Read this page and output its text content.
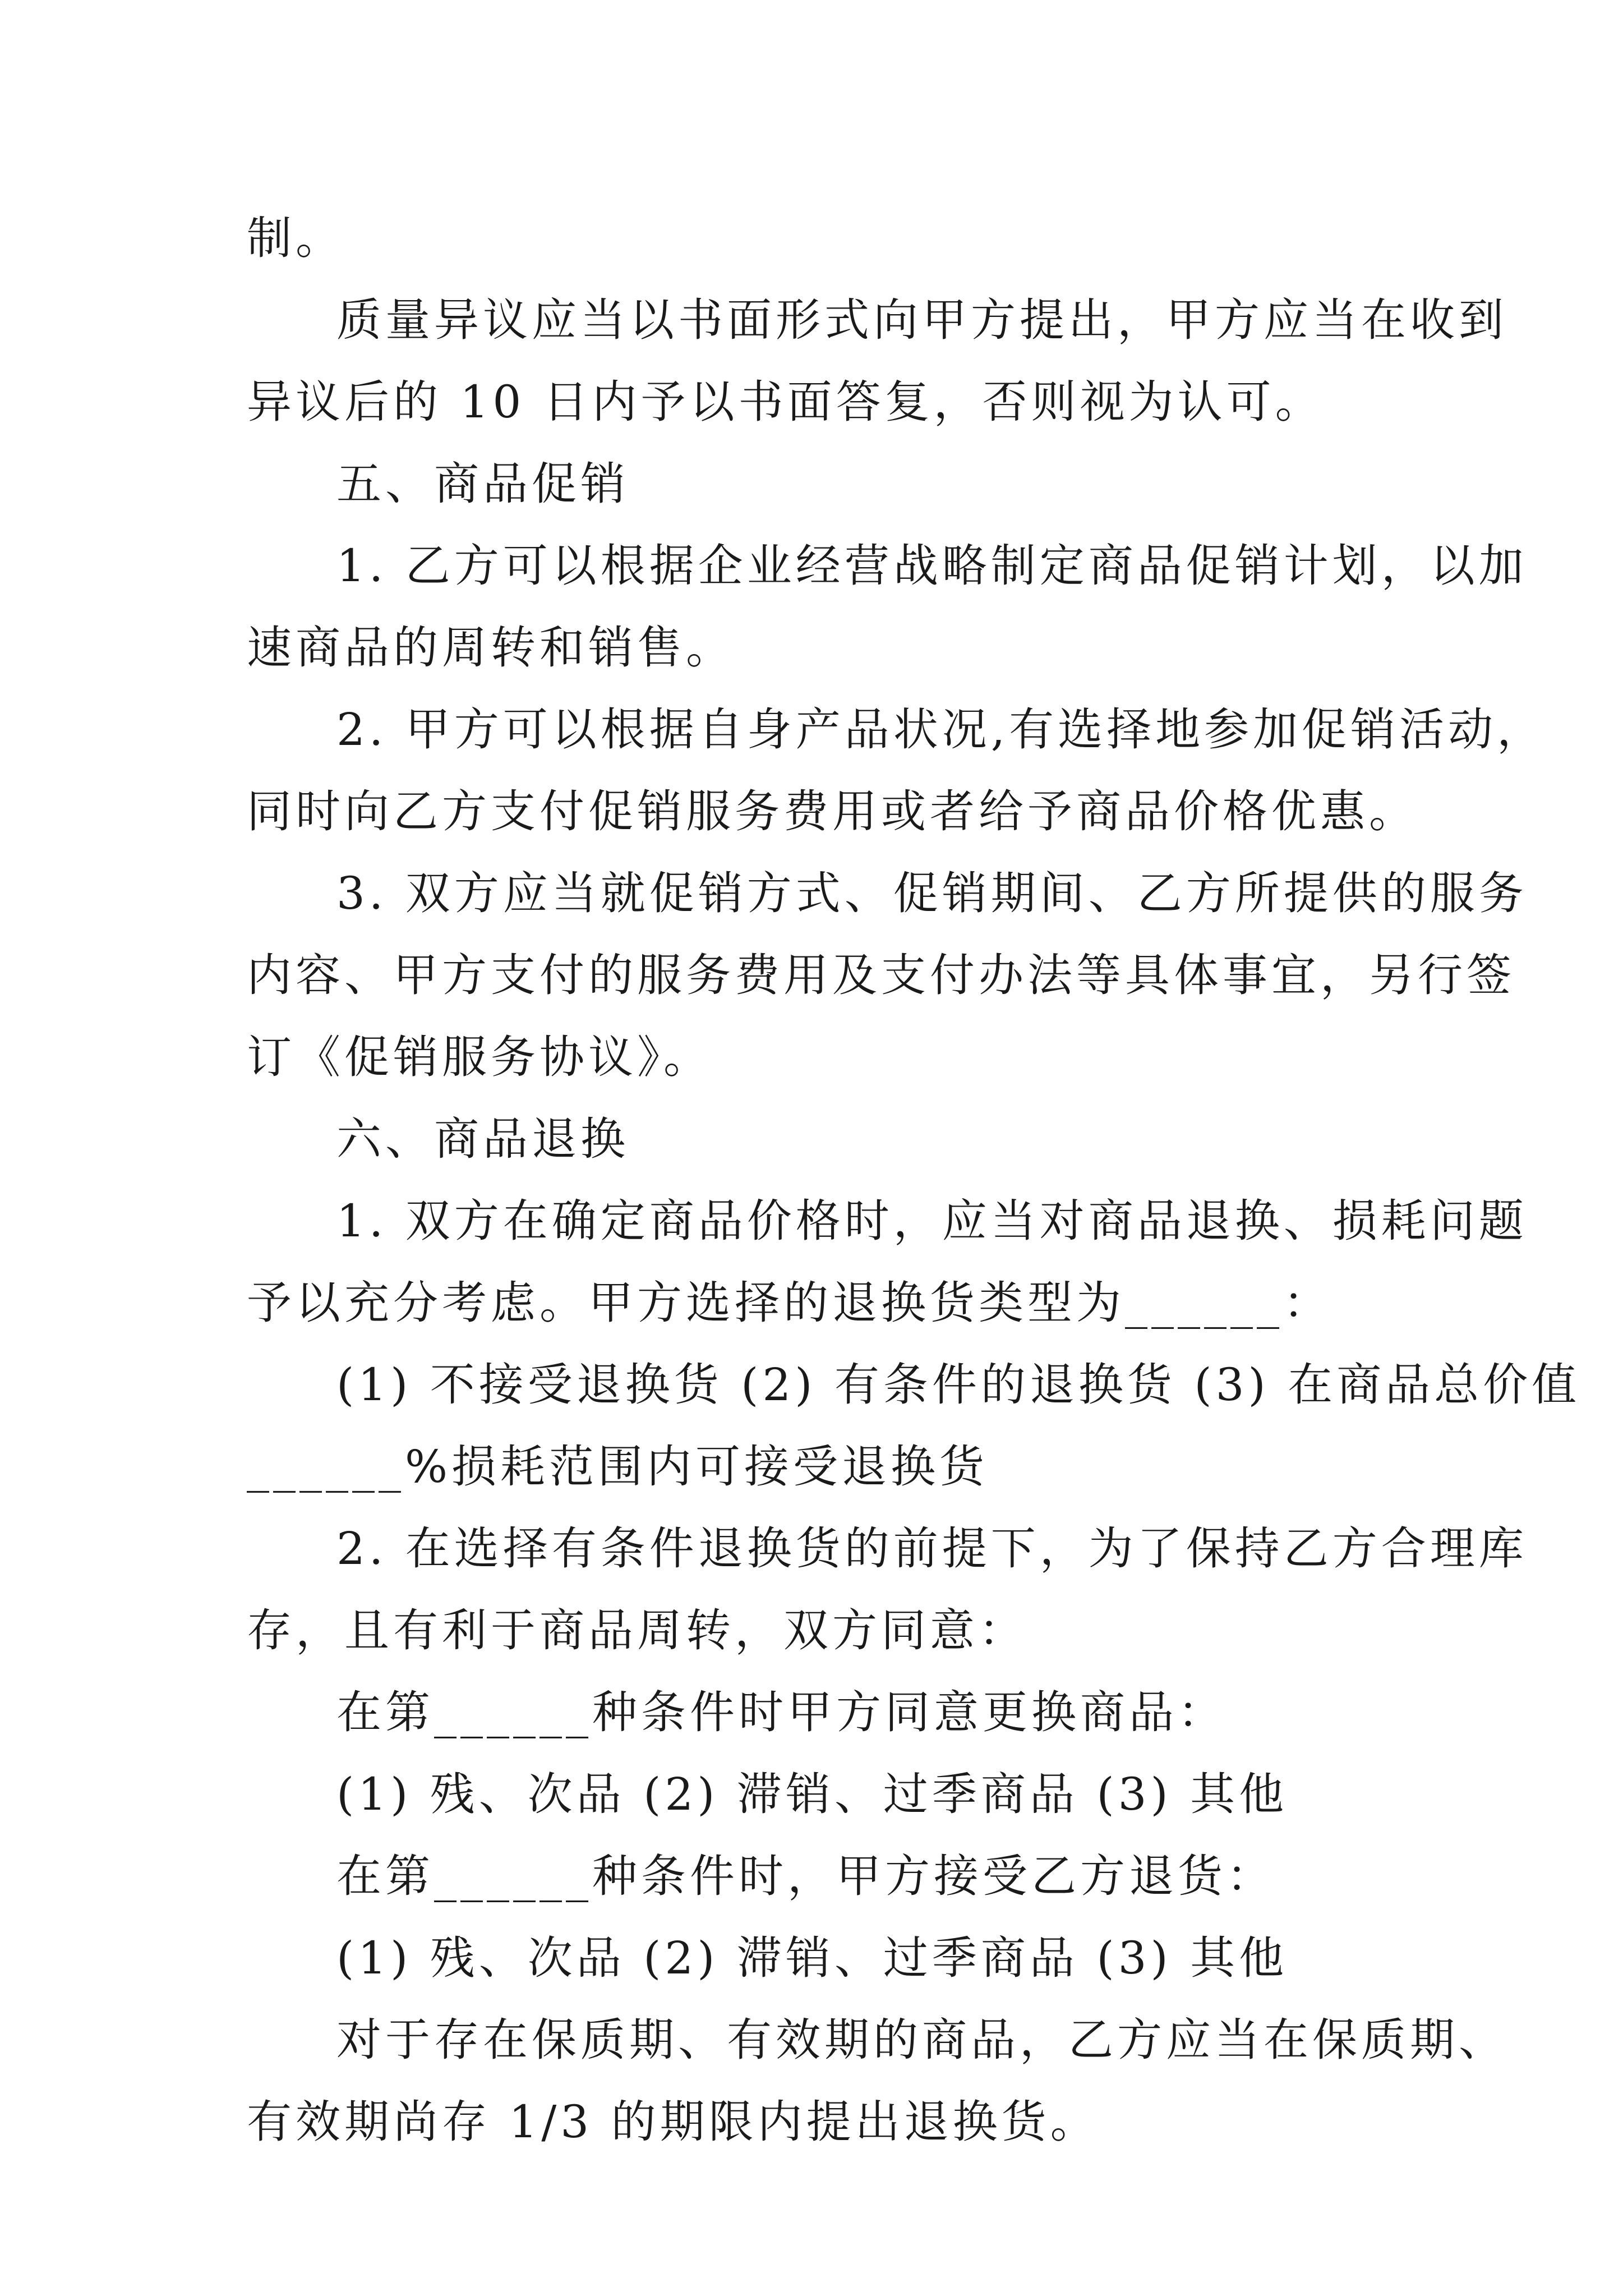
制。

质量异议应当以书面形式向甲方提出，甲方应当在收到

异议后的 10 日内予以书面答复，否则视为认可。

五、商品促销

1. 乙方可以根据企业经营战略制定商品促销计划，以加

速商品的周转和销售。

2. 甲方可以根据自身产品状况,有选择地参加促销活动，

同时向乙方支付促销服务费用或者给予商品价格优惠。

3. 双方应当就促销方式、促销期间、乙方所提供的服务

内容、甲方支付的服务费用及支付办法等具体事宜，另行签

订《促销服务协议》。

六、商品退换

1. 双方在确定商品价格时，应当对商品退换、损耗问题

予以充分考虑。甲方选择的退换货类型为______：

(1) 不接受退换货 (2) 有条件的退换货 (3) 在商品总价值

______%损耗范围内可接受退换货

2. 在选择有条件退换货的前提下，为了保持乙方合理库

存，且有利于商品周转，双方同意：

在第______种条件时甲方同意更换商品：

(1) 残、次品 (2) 滞销、过季商品 (3) 其他

在第______种条件时，甲方接受乙方退货：

(1) 残、次品 (2) 滞销、过季商品 (3) 其他

对于存在保质期、有效期的商品，乙方应当在保质期、

有效期尚存 1/3 的期限内提出退换货。
